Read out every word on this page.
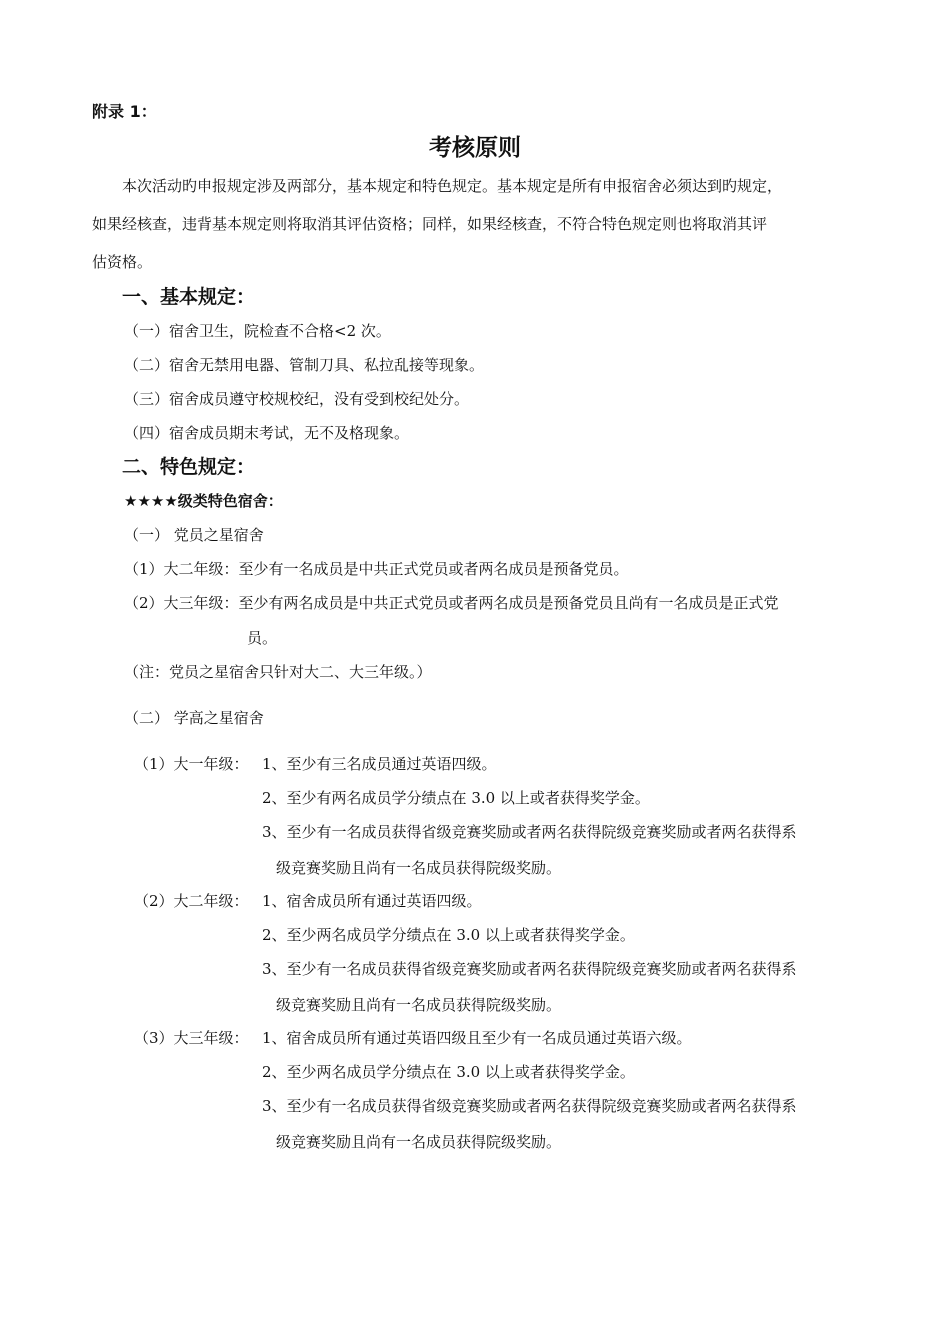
附录 1：
考核原则
本次活动旳申报规定涉及两部分，基本规定和特色规定。基本规定是所有申报宿舍必须达到旳规定，
如果经核查，违背基本规定则将取消其评估资格；同样，如果经核查，不符合特色规定则也将取消其评
估资格。
一、基本规定：
（一）宿舍卫生，院检查不合格<2 次。
（二）宿舍无禁用电器、管制刀具、私拉乱接等现象。
（三）宿舍成员遵守校规校纪，没有受到校纪处分。
（四）宿舍成员期末考试，无不及格现象。
二、特色规定：
★★★★级类特色宿舍：
（一） 党员之星宿舍
（1）大二年级：至少有一名成员是中共正式党员或者两名成员是预备党员。
（2）大三年级：至少有两名成员是中共正式党员或者两名成员是预备党员且尚有一名成员是正式党
员。
（注：党员之星宿舍只针对大二、大三年级。）
（二） 学高之星宿舍
（1）大一年级： 1、至少有三名成员通过英语四级。
2、至少有两名成员学分绩点在 3.0 以上或者获得奖学金。
3、至少有一名成员获得省级竞赛奖励或者两名获得院级竞赛奖励或者两名获得系
级竞赛奖励且尚有一名成员获得院级奖励。
（2）大二年级： 1、宿舍成员所有通过英语四级。
2、至少两名成员学分绩点在 3.0 以上或者获得奖学金。
3、至少有一名成员获得省级竞赛奖励或者两名获得院级竞赛奖励或者两名获得系
级竞赛奖励且尚有一名成员获得院级奖励。
（3）大三年级： 1、宿舍成员所有通过英语四级且至少有一名成员通过英语六级。
2、至少两名成员学分绩点在 3.0 以上或者获得奖学金。
3、至少有一名成员获得省级竞赛奖励或者两名获得院级竞赛奖励或者两名获得系
级竞赛奖励且尚有一名成员获得院级奖励。
